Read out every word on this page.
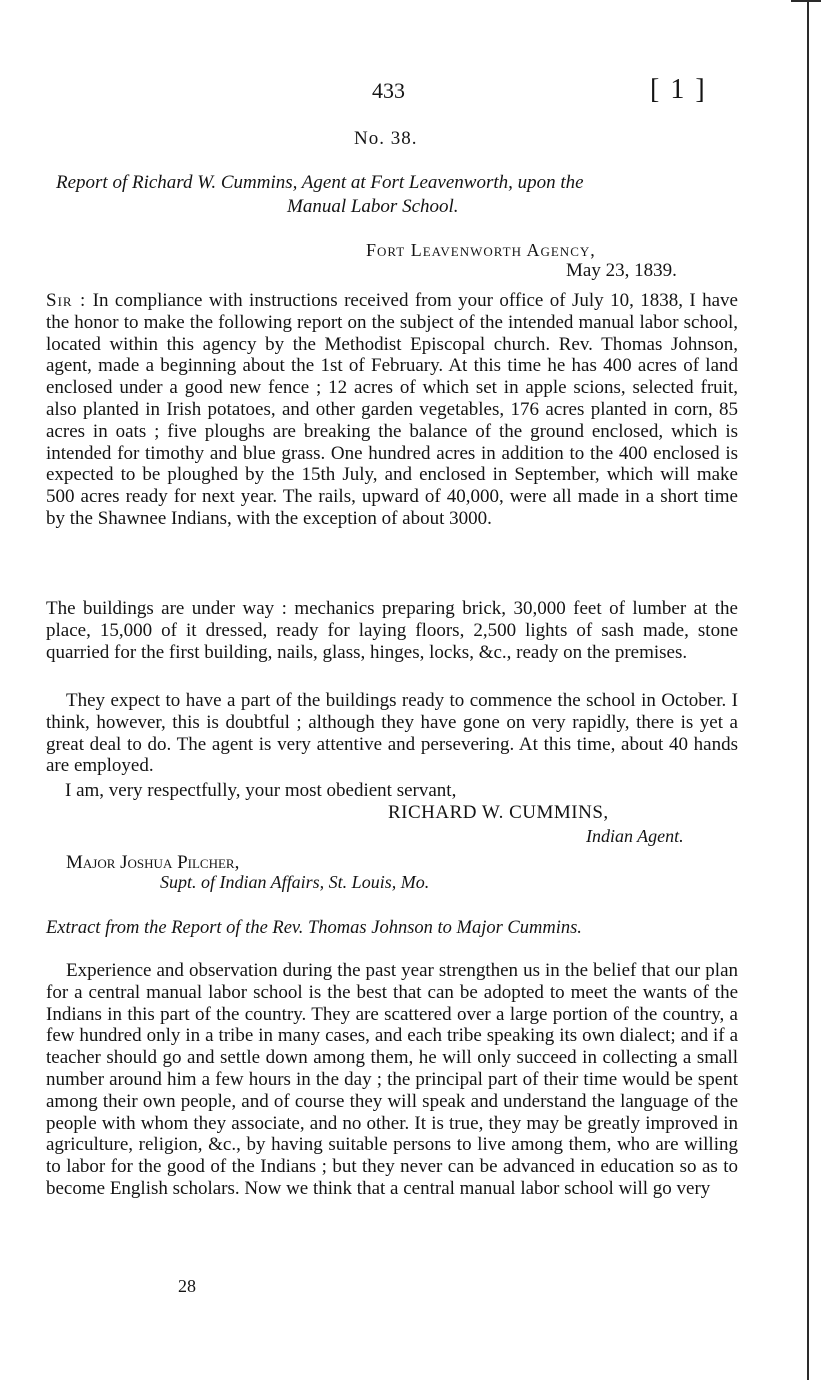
433	[ 1 ]
No. 38.
Report of Richard W. Cummins, Agent at Fort Leavenworth, upon the
Manual Labor School.
Fort Leavenworth Agency,
May 23, 1839.

Sir : In compliance with instructions received from your office of July 10, 1838, I have the honor to make the following report on the subject of the intended manual labor school, located within this agency by the Methodist Episcopal church. Rev. Thomas Johnson, agent, made a beginning about the 1st of February. At this time he has 400 acres of land enclosed under a good new fence ; 12 acres of which set in apple scions, selected fruit, also planted in Irish potatoes, and other garden vegetables, 176 acres planted in corn, 85 acres in oats ; five ploughs are breaking the balance of the ground enclosed, which is intended for timothy and blue grass. One hundred acres in addition to the 400 enclosed is expected to be ploughed by the 15th July, and enclosed in September, which will make 500 acres ready for next year. The rails, upward of 40,000, were all made in a short time by the Shawnee Indians, with the exception of about 3000.

The buildings are under way : mechanics preparing brick, 30,000 feet of lumber at the place, 15,000 of it dressed, ready for laying floors, 2,500 lights of sash made, stone quarried for the first building, nails, glass, hinges, locks, &c., ready on the premises.

They expect to have a part of the buildings ready to commence the school in October. I think, however, this is doubtful ; although they have gone on very rapidly, there is yet a great deal to do. The agent is very attentive and persevering. At this time, about 40 hands are employed.

I am, very respectfully, your most obedient servant,
RICHARD W. CUMMINS,
Indian Agent.
Major Joshua Pilcher,
Supt. of Indian Affairs, St. Louis, Mo.
Extract from the Report of the Rev. Thomas Johnson to Major Cummins.

Experience and observation during the past year strengthen us in the belief that our plan for a central manual labor school is the best that can be adopted to meet the wants of the Indians in this part of the country. They are scattered over a large portion of the country, a few hundred only in a tribe in many cases, and each tribe speaking its own dialect; and if a teacher should go and settle down among them, he will only succeed in collecting a small number around him a few hours in the day ; the principal part of their time would be spent among their own people, and of course they will speak and understand the language of the people with whom they associate, and no other. It is true, they may be greatly improved in agriculture, religion, &c., by having suitable persons to live among them, who are willing to labor for the good of the Indians ; but they never can be advanced in education so as to become English scholars. Now we think that a central manual labor school will go very

28
